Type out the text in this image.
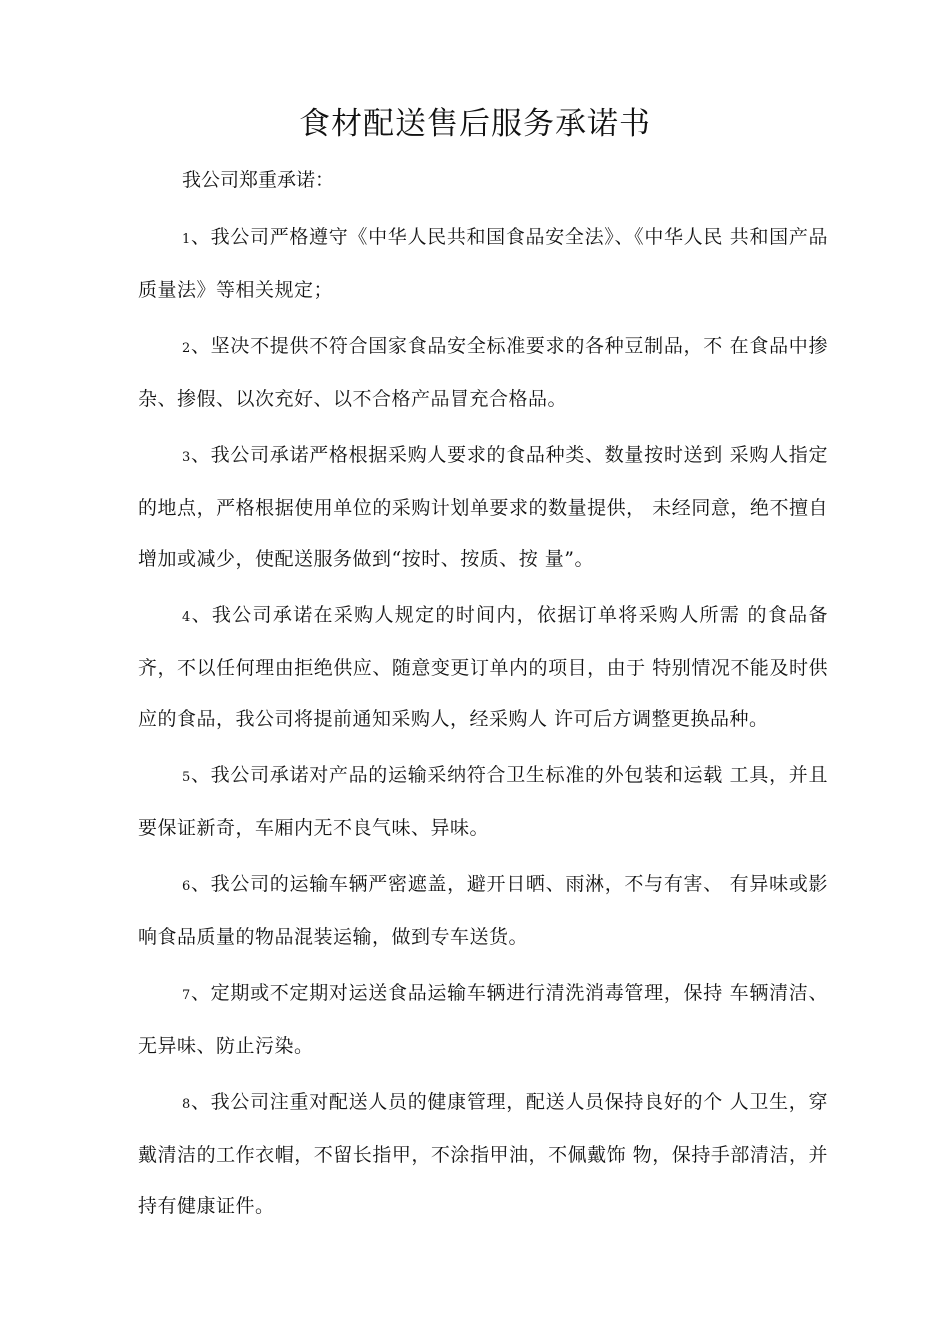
食材配送售后服务承诺书

我公司郑重承诺：

1、我公司严格遵守《中华人民共和国食品安全法》、《中华人民 共和国产品质量法》等相关规定；

2、坚决不提供不符合国家食品安全标准要求的各种豆制品，不 在食品中掺杂、掺假、以次充好、以不合格产品冒充合格品。

3、我公司承诺严格根据采购人要求的食品种类、数量按时送到 采购人指定的地点，严格根据使用单位的采购计划单要求的数量提供， 未经同意，绝不擅自增加或减少，使配送服务做到“按时、按质、按 量”。

4、我公司承诺在采购人规定的时间内，依据订单将采购人所需 的食品备齐，不以任何理由拒绝供应、随意变更订单内的项目，由于 特别情况不能及时供应的食品，我公司将提前通知采购人，经采购人 许可后方调整更换品种。

5、我公司承诺对产品的运输采纳符合卫生标准的外包装和运载 工具，并且要保证新奇，车厢内无不良气味、异味。

6、我公司的运输车辆严密遮盖，避开日晒、雨淋，不与有害、 有异味或影响食品质量的物品混装运输，做到专车送货。

7、定期或不定期对运送食品运输车辆进行清洗消毒管理，保持 车辆清洁、无异味、防止污染。

8、我公司注重对配送人员的健康管理，配送人员保持良好的个 人卫生，穿戴清洁的工作衣帽，不留长指甲，不涂指甲油，不佩戴饰 物，保持手部清洁，并持有健康证件。
